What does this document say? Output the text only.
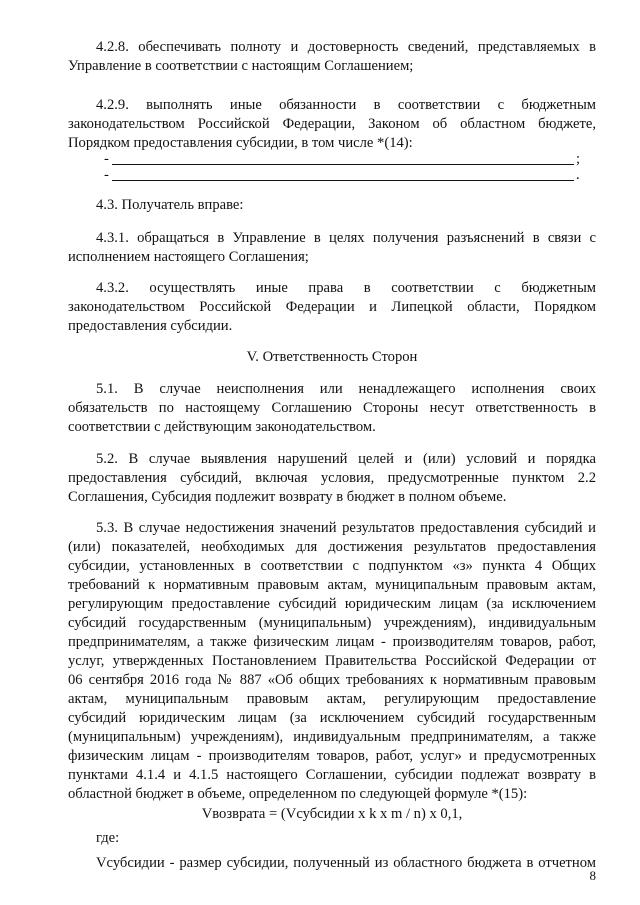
4.2.8. обеспечивать полноту и достоверность сведений, представляемых в
Управление в соответствии с настоящим Соглашением;
4.2.9. выполнять иные обязанности в соответствии с бюджетным
законодательством Российской Федерации, Законом об областном бюджете,
Порядком предоставления субсидии, в том числе *(14):
-	;
-	.
4.3. Получатель вправе:
4.3.1. обращаться в Управление в целях получения разъяснений в связи с
исполнением настоящего Соглашения;
4.3.2. осуществлять иные права в соответствии с бюджетным
законодательством Российской Федерации и Липецкой области, Порядком
предоставления субсидии.
V. Ответственность Сторон
5.1. В случае неисполнения или ненадлежащего исполнения своих
обязательств по настоящему Соглашению Стороны несут ответственность в
соответствии с действующим законодательством.
5.2. В случае выявления нарушений целей и (или) условий и порядка
предоставления субсидий, включая условия, предусмотренные пунктом 2.2
Соглашения, Субсидия подлежит возврату в бюджет в полном объеме.
5.3. В случае недостижения значений результатов предоставления субсидий и
(или) показателей, необходимых для достижения результатов предоставления
субсидии, установленных в соответствии с подпунктом «з» пункта 4 Общих
требований к нормативным правовым актам, муниципальным правовым актам,
регулирующим предоставление субсидий юридическим лицам (за исключением
субсидий государственным (муниципальным) учреждениям), индивидуальным
предпринимателям, а также физическим лицам - производителям товаров, работ,
услуг, утвержденных Постановлением Правительства Российской Федерации от
06 сентября 2016 года № 887 «Об общих требованиях к нормативным правовым
актам, муниципальным правовым актам, регулирующим предоставление
субсидий юридическим лицам (за исключением субсидий государственным
(муниципальным) учреждениям), индивидуальным предпринимателям, а также
физическим лицам - производителям товаров, работ, услуг» и предусмотренных
пунктами 4.1.4 и 4.1.5 настоящего Соглашении, субсидии подлежат возврату в
областной бюджет в объеме, определенном по следующей формуле *(15):
Vвозврата = (Vсубсидии x k x m / n) x 0,1,
где:
Vсубсидии - размер субсидии, полученный из областного бюджета в отчетном
8
